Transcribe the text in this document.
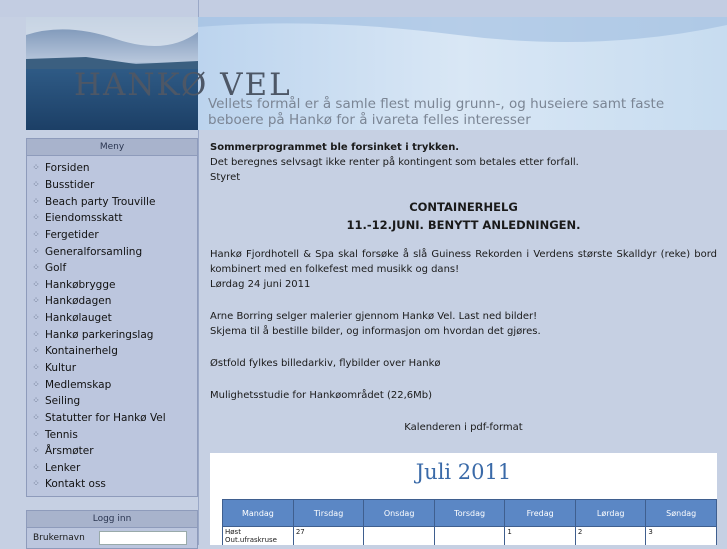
HANKØ VEL
Vellets formål er å samle flest mulig grunn-, og huseiere samt faste beboere på Hankø for å ivareta felles interesser
Meny
⁘ Forsiden
⁘ Busstider
⁘ Beach party Trouville
⁘ Eiendomsskatt
⁘ Fergetider
⁘ Generalforsamling
⁘ Golf
⁘ Hankøbrygge
⁘ Hankødagen
⁘ Hankølauget
⁘ Hankø parkeringslag
⁘ Kontainerhelg
⁘ Kultur
⁘ Medlemskap
⁘ Seiling
⁘ Statutter for Hankø Vel
⁘ Tennis
⁘ Årsmøter
⁘ Lenker
⁘ Kontakt oss
Logg inn
Brukernavn

Sommerprogrammet ble forsinket i trykken.

Det beregnes selvsagt ikke renter på kontingent som betales etter forfall.

Styret

CONTAINERHELG

11.-12.JUNI. BENYTT ANLEDNINGEN.

Hankø Fjordhotell & Spa skal forsøke å slå Guiness Rekorden i Verdens største Skalldyr (reke) bord kombinert med en folkefest med musikk og dans!

Lørdag 24 juni 2011

Arne Borring selger malerier gjennom Hankø Vel. Last ned bilder!

Skjema til å bestille bilder, og informasjon om hvordan det gjøres.

Østfold fylkes billedarkiv, flybilder over Hankø

Mulighetsstudie for Hankøområdet (22,6Mb)

Kalenderen i pdf-format

Juli 2011
Mandag	Tirsdag	Onsdag	Torsdag	Fredag	Lørdag	Søndag
Høst Out.ufraskruse	27			1	2	3
